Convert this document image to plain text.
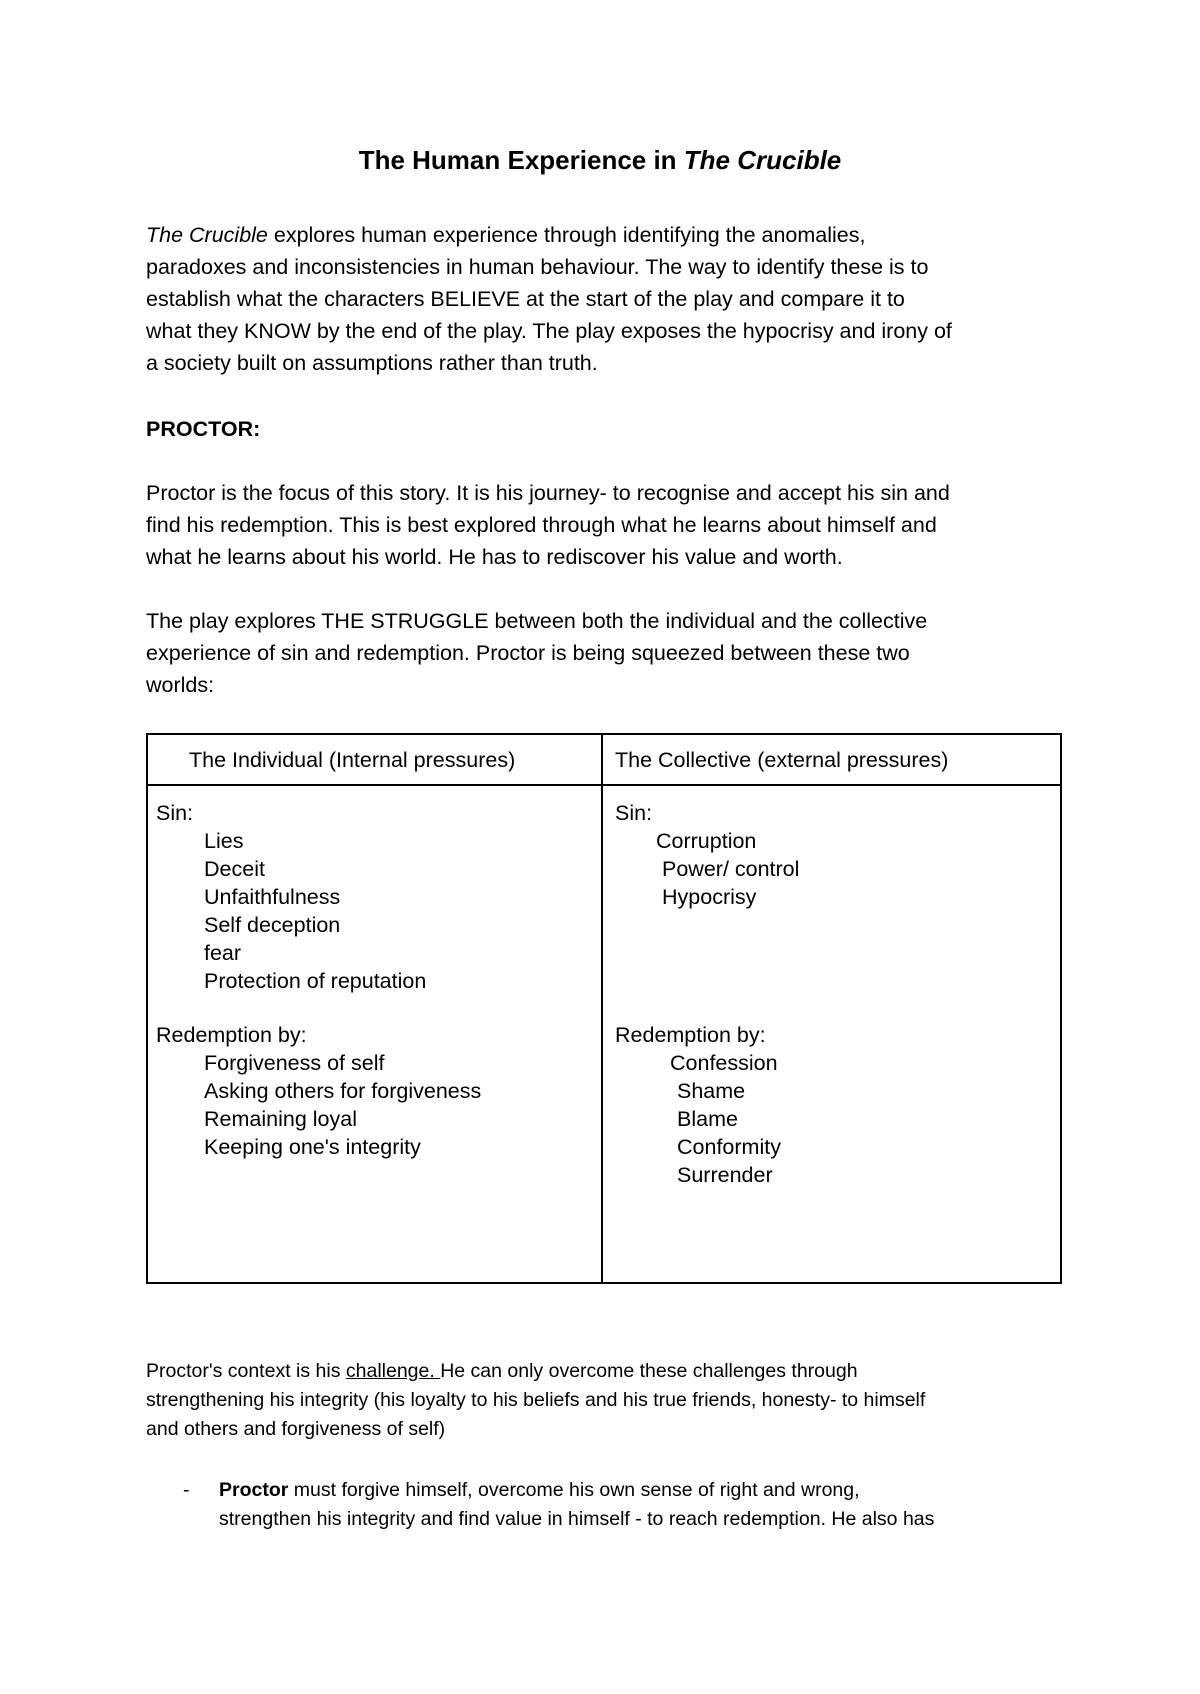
The Human Experience in The Crucible

The Crucible explores human experience through identifying the anomalies,
paradoxes and inconsistencies in human behaviour. The way to identify these is to
establish what the characters BELIEVE at the start of the play and compare it to
what they KNOW by the end of the play. The play exposes the hypocrisy and irony of
a society built on assumptions rather than truth.

PROCTOR:

Proctor is the focus of this story. It is his journey- to recognise and accept his sin and
find his redemption. This is best explored through what he learns about himself and
what he learns about his world. He has to rediscover his value and worth.

The play explores THE STRUGGLE between both the individual and the collective
experience of sin and redemption. Proctor is being squeezed between these two
worlds:

The Individual (Internal pressures)	The Collective (external pressures)
Sin:
Lies
Deceit
Unfaithfulness
Self deception
fear
Protection of reputation
Redemption by:
Forgiveness of self
Asking others for forgiveness
Remaining loyal
Keeping one's integrity
Sin:
Corruption
Power/ control
Hypocrisy
Redemption by:
Confession
Shame
Blame
Conformity
Surrender

Proctor's context is his challenge. He can only overcome these challenges through
strengthening his integrity (his loyalty to his beliefs and his true friends, honesty- to himself
and others and forgiveness of self)

- Proctor must forgive himself, overcome his own sense of right and wrong,
strengthen his integrity and find value in himself - to reach redemption. He also has
